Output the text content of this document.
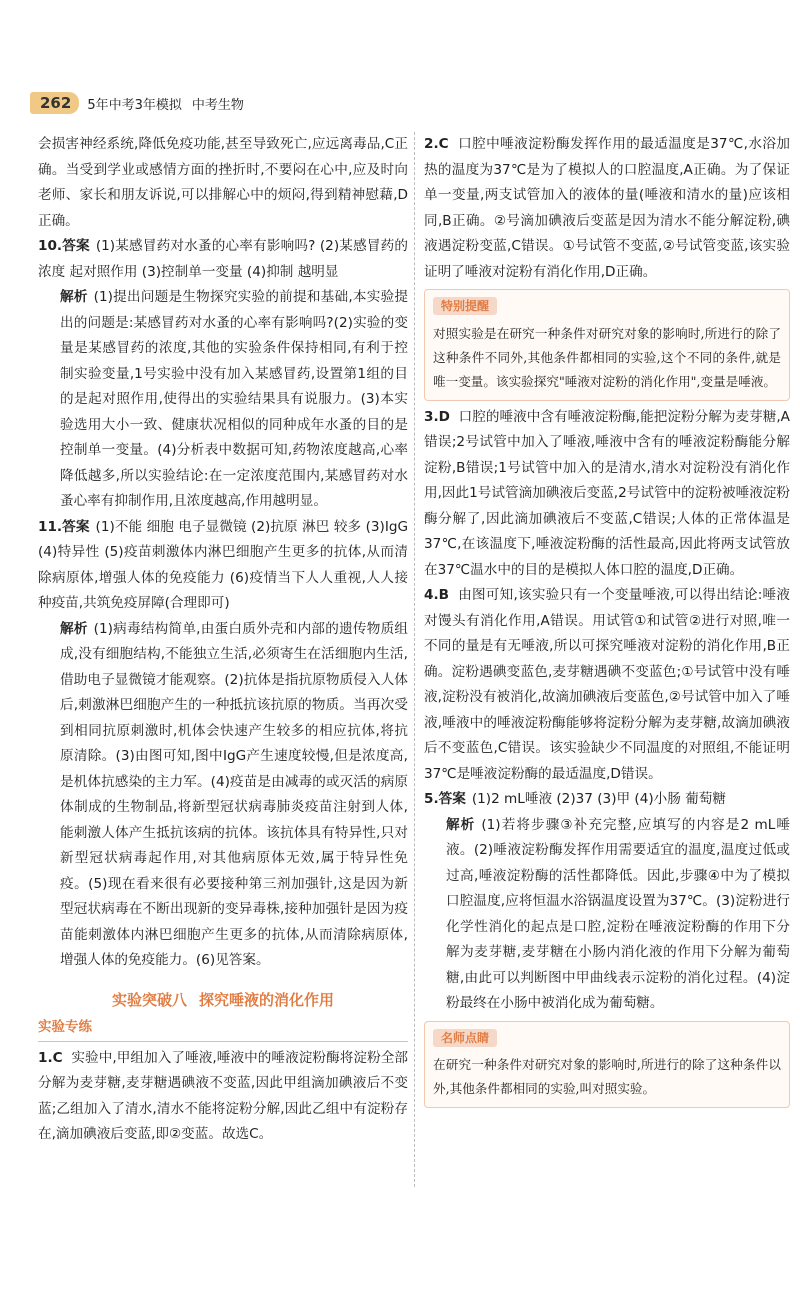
262	5年中考3年模拟 中考生物

会损害神经系统,降低免疫功能,甚至导致死亡,应远离毒品,C正确。当受到学业或感情方面的挫折时,不要闷在心中,应及时向老师、家长和朋友诉说,可以排解心中的烦闷,得到精神慰藉,D正确。

10.答案 (1)某感冒药对水蚤的心率有影响吗? (2)某感冒药的浓度 起对照作用 (3)控制单一变量 (4)抑制 越明显

解析 (1)提出问题是生物探究实验的前提和基础,本实验提出的问题是:某感冒药对水蚤的心率有影响吗?(2)实验的变量是某感冒药的浓度,其他的实验条件保持相同,有利于控制实验变量,1号实验中没有加入某感冒药,设置第1组的目的是起对照作用,使得出的实验结果具有说服力。(3)本实验选用大小一致、健康状况相似的同种成年水蚤的目的是控制单一变量。(4)分析表中数据可知,药物浓度越高,心率降低越多,所以实验结论:在一定浓度范围内,某感冒药对水蚤心率有抑制作用,且浓度越高,作用越明显。

11.答案 (1)不能 细胞 电子显微镜 (2)抗原 淋巴 较多 (3)IgG (4)特异性 (5)疫苗刺激体内淋巴细胞产生更多的抗体,从而清除病原体,增强人体的免疫能力 (6)疫情当下人人重视,人人接种疫苗,共筑免疫屏障(合理即可)

解析 (1)病毒结构简单,由蛋白质外壳和内部的遗传物质组成,没有细胞结构,不能独立生活,必须寄生在活细胞内生活,借助电子显微镜才能观察。(2)抗体是指抗原物质侵入人体后,刺激淋巴细胞产生的一种抵抗该抗原的物质。当再次受到相同抗原刺激时,机体会快速产生较多的相应抗体,将抗原清除。(3)由图可知,图中IgG产生速度较慢,但是浓度高,是机体抗感染的主力军。(4)疫苗是由减毒的或灭活的病原体制成的生物制品,将新型冠状病毒肺炎疫苗注射到人体,能刺激人体产生抵抗该病的抗体。该抗体具有特异性,只对新型冠状病毒起作用,对其他病原体无效,属于特异性免疫。(5)现在看来很有必要接种第三剂加强针,这是因为新型冠状病毒在不断出现新的变异毒株,接种加强针是因为疫苗能刺激体内淋巴细胞产生更多的抗体,从而清除病原体,增强人体的免疫能力。(6)见答案。

实验突破八 探究唾液的消化作用
实验专练

1.C 实验中,甲组加入了唾液,唾液中的唾液淀粉酶将淀粉全部分解为麦芽糖,麦芽糖遇碘液不变蓝,因此甲组滴加碘液后不变蓝;乙组加入了清水,清水不能将淀粉分解,因此乙组中有淀粉存在,滴加碘液后变蓝,即②变蓝。故选C。

2.C 口腔中唾液淀粉酶发挥作用的最适温度是37℃,水浴加热的温度为37℃是为了模拟人的口腔温度,A正确。为了保证单一变量,两支试管加入的液体的量(唾液和清水的量)应该相同,B正确。②号滴加碘液后变蓝是因为清水不能分解淀粉,碘液遇淀粉变蓝,C错误。①号试管不变蓝,②号试管变蓝,该实验证明了唾液对淀粉有消化作用,D正确。

特别提醒

对照实验是在研究一种条件对研究对象的影响时,所进行的除了这种条件不同外,其他条件都相同的实验,这个不同的条件,就是唯一变量。该实验探究"唾液对淀粉的消化作用",变量是唾液。

3.D 口腔的唾液中含有唾液淀粉酶,能把淀粉分解为麦芽糖,A错误;2号试管中加入了唾液,唾液中含有的唾液淀粉酶能分解淀粉,B错误;1号试管中加入的是清水,清水对淀粉没有消化作用,因此1号试管滴加碘液后变蓝,2号试管中的淀粉被唾液淀粉酶分解了,因此滴加碘液后不变蓝,C错误;人体的正常体温是37℃,在该温度下,唾液淀粉酶的活性最高,因此将两支试管放在37℃温水中的目的是模拟人体口腔的温度,D正确。

4.B 由图可知,该实验只有一个变量唾液,可以得出结论:唾液对馒头有消化作用,A错误。用试管①和试管②进行对照,唯一不同的量是有无唾液,所以可探究唾液对淀粉的消化作用,B正确。淀粉遇碘变蓝色,麦芽糖遇碘不变蓝色;①号试管中没有唾液,淀粉没有被消化,故滴加碘液后变蓝色,②号试管中加入了唾液,唾液中的唾液淀粉酶能够将淀粉分解为麦芽糖,故滴加碘液后不变蓝色,C错误。该实验缺少不同温度的对照组,不能证明37℃是唾液淀粉酶的最适温度,D错误。

5.答案 (1)2 mL唾液 (2)37 (3)甲 (4)小肠 葡萄糖

解析 (1)若将步骤③补充完整,应填写的内容是2 mL唾液。(2)唾液淀粉酶发挥作用需要适宜的温度,温度过低或过高,唾液淀粉酶的活性都降低。因此,步骤④中为了模拟口腔温度,应将恒温水浴锅温度设置为37℃。(3)淀粉进行化学性消化的起点是口腔,淀粉在唾液淀粉酶的作用下分解为麦芽糖,麦芽糖在小肠内消化液的作用下分解为葡萄糖,由此可以判断图中甲曲线表示淀粉的消化过程。(4)淀粉最终在小肠中被消化成为葡萄糖。

名师点睛

在研究一种条件对研究对象的影响时,所进行的除了这种条件以外,其他条件都相同的实验,叫对照实验。
